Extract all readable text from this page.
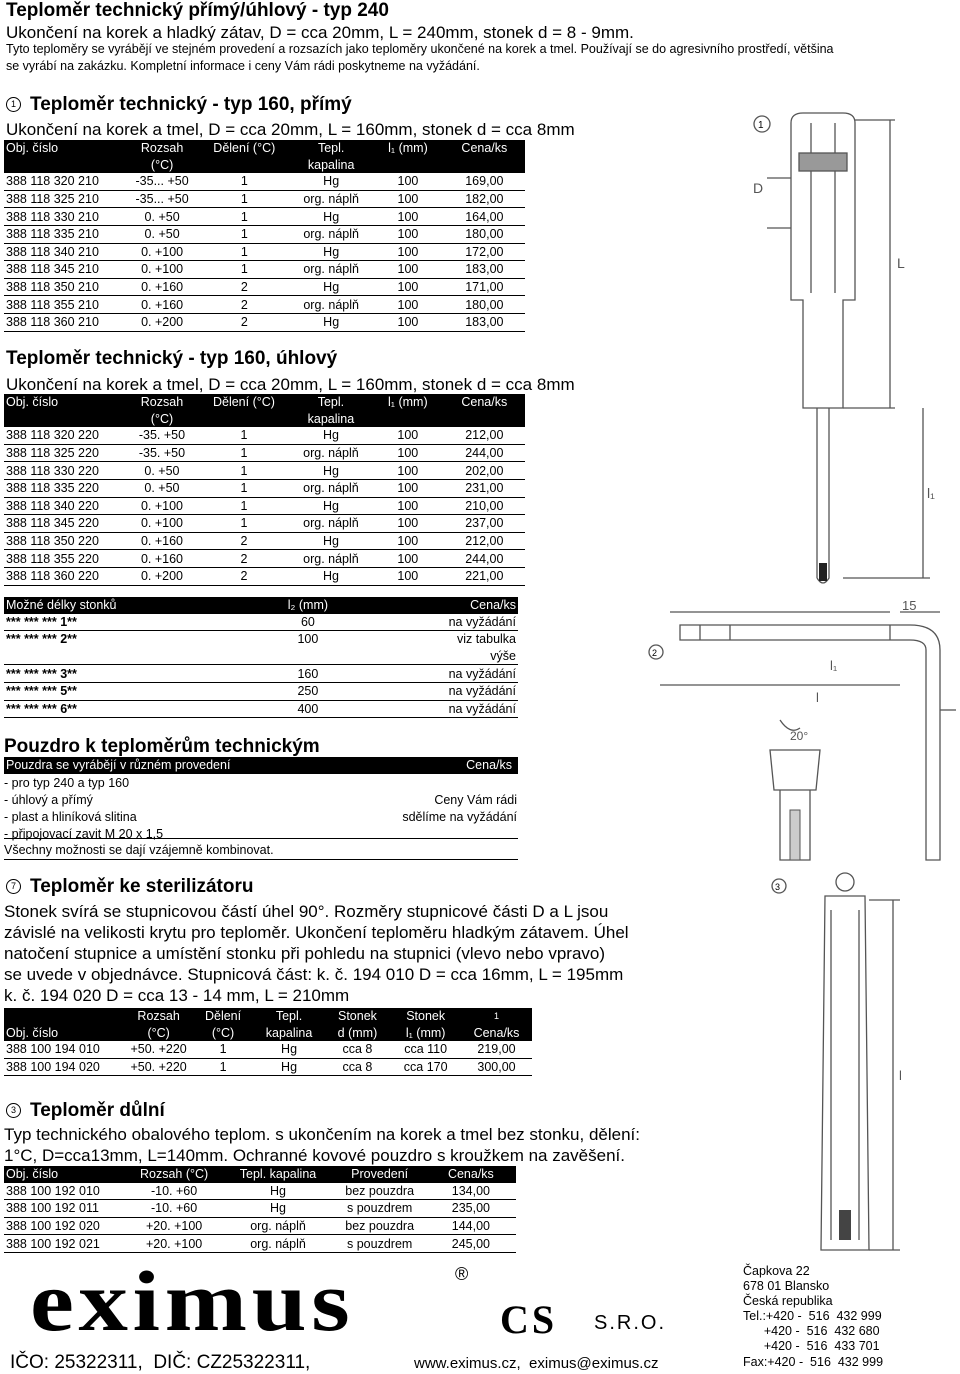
Teploměr technický přímý/úhlový - typ 240
Ukončení na korek a hladký zátav, D = cca 20mm, L = 240mm, stonek d = 8 - 9mm.
Tyto teploměry se vyrábějí ve stejném provedení a rozsazích jako teploměry ukončené na korek a tmel. Používají se do agresivního prostředí, většina
se vyrábí na zakázku. Kompletní informace i ceny Vám rádi poskytneme na vyžádání.
1 Teploměr technický - typ 160, přímý
Ukončení na korek a tmel, D = cca 20mm, L = 160mm, stonek d = cca 8mm
Obj. číslo	Rozsah	Dělení (°C)	Tepl.	l₁ (mm)	Cena/ks
	(°C)		kapalina		
388 118 320 210	-35... +50	1	Hg	100	169,00
388 118 325 210	-35... +50	1	org. náplň	100	182,00
388 118 330 210	0. +50	1	Hg	100	164,00
388 118 335 210	0. +50	1	org. náplň	100	180,00
388 118 340 210	0. +100	1	Hg	100	172,00
388 118 345 210	0. +100	1	org. náplň	100	183,00
388 118 350 210	0. +160	2	Hg	100	171,00
388 118 355 210	0. +160	2	org. náplň	100	180,00
388 118 360 210	0. +200	2	Hg	100	183,00
Teploměr technický - typ 160, úhlový
Ukončení na korek a tmel, D = cca 20mm, L = 160mm, stonek d = cca 8mm
Obj. číslo	Rozsah	Dělení (°C)	Tepl.	l₁ (mm)	Cena/ks
	(°C)		kapalina		
388 118 320 220	-35. +50	1	Hg	100	212,00
388 118 325 220	-35. +50	1	org. náplň	100	244,00
388 118 330 220	0. +50	1	Hg	100	202,00
388 118 335 220	0. +50	1	org. náplň	100	231,00
388 118 340 220	0. +100	1	Hg	100	210,00
388 118 345 220	0. +100	1	org. náplň	100	237,00
388 118 350 220	0. +160	2	Hg	100	212,00
388 118 355 220	0. +160	2	org. náplň	100	244,00
388 118 360 220	0. +200	2	Hg	100	221,00
Možné délky stonků	l₂ (mm)	Cena/ks
*** *** *** 1**	60	na vyžádání
*** *** *** 2**	100	viz tabulka
		výše
*** *** *** 3**	160	na vyžádání
*** *** *** 5**	250	na vyžádání
*** *** *** 6**	400	na vyžádání
Pouzdro k teploměrům technickým
Pouzdra se vyrábějí v různém provedení	Cena/ks
- pro typ 240 a typ 160
- úhlový a přímý
- plast a hliníková slitina
- připojovací zavit M 20 x 1,5
Ceny Vám rádi
sdělíme na vyžádání
Všechny možnosti se dají vzájemně kombinovat.
7 Teploměr ke sterilizátoru
Stonek svírá se stupnicovou částí úhel 90°. Rozměry stupnicové části D a L jsou
závislé na velikosti krytu pro teploměr. Ukončení teploměru hladkým zátavem. Úhel
natočení stupnice a umístění stonku při pohledu na stupnici (vlevo nebo vpravo)
se uvede v objednávce. Stupnicová část: k. č. 194 010 D = cca 16mm, L = 195mm
k. č. 194 020 D = cca 13 - 14 mm, L = 210mm
	Rozsah	Dělení	Tepl.	Stonek	Stonek	1
Obj. číslo	(°C)	(°C)	kapalina	d (mm)	l₁ (mm)	Cena/ks
388 100 194 010	+50. +220	1	Hg	cca 8	cca 110	219,00
388 100 194 020	+50. +220	1	Hg	cca 8	cca 170	300,00
3 Teploměr důlní
Typ technického obalového teplom. s ukončením na korek a tmel bez stonku, dělení:
1°C, D=cca13mm, L=140mm. Ochranné kovové pouzdro s kroužkem na zavěšení.
Obj. číslo	Rozsah (°C)	Tepl. kapalina	Provedení	Cena/ks
388 100 192 010	-10. +60	Hg	bez pouzdra	134,00
388 100 192 011	-10. +60	Hg	s pouzdrem	235,00
388 100 192 020	+20. +100	org. náplň	bez pouzdra	144,00
388 100 192 021	+20. +100	org. náplň	s pouzdrem	245,00
1
D
L
l₁
2
15
l₁
l
20°
3
l
eximus	®
CS S.R.O.
IČO: 25322311, DIČ: CZ25322311,	www.eximus.cz, eximus@eximus.cz
Čapkova 22
678 01 Blansko
Česká republika
Tel.:+420 -  516  432 999
+420 -  516  432 680
+420 -  516  433 701
Fax:+420 -  516  432 999
